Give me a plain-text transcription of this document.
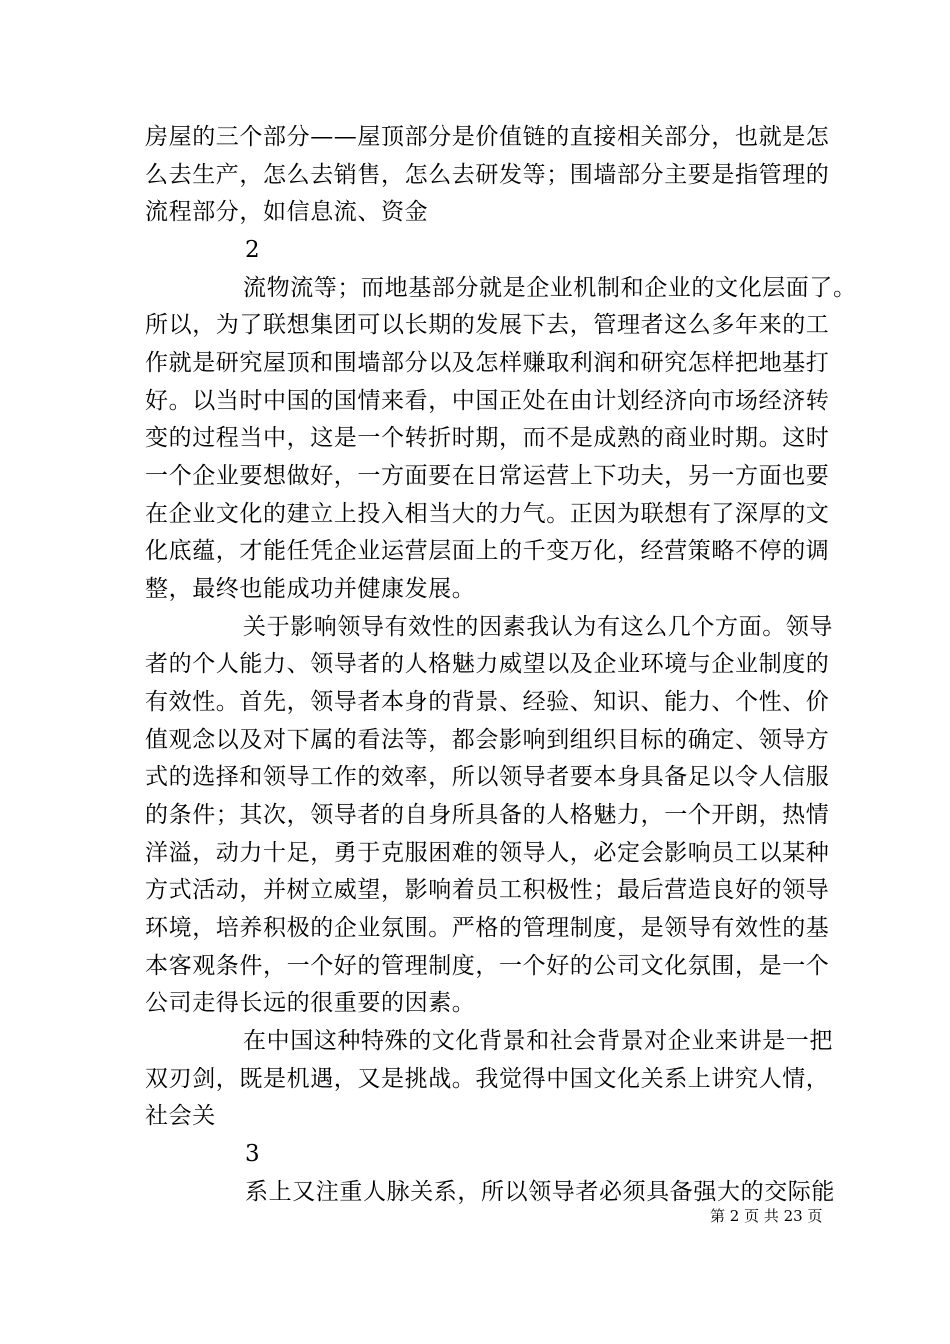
房屋的三个部分——屋顶部分是价值链的直接相关部分，也就是怎
么去生产，怎么去销售，怎么去研发等；围墙部分主要是指管理的
流程部分，如信息流、资金
2
流物流等；而地基部分就是企业机制和企业的文化层面了。
所以，为了联想集团可以长期的发展下去，管理者这么多年来的工
作就是研究屋顶和围墙部分以及怎样赚取利润和研究怎样把地基打
好。以当时中国的国情来看，中国正处在由计划经济向市场经济转
变的过程当中，这是一个转折时期，而不是成熟的商业时期。这时
一个企业要想做好，一方面要在日常运营上下功夫，另一方面也要
在企业文化的建立上投入相当大的力气。正因为联想有了深厚的文
化底蕴，才能任凭企业运营层面上的千变万化，经营策略不停的调
整，最终也能成功并健康发展。
关于影响领导有效性的因素我认为有这么几个方面。领导
者的个人能力、领导者的人格魅力威望以及企业环境与企业制度的
有效性。首先，领导者本身的背景、经验、知识、能力、个性、价
值观念以及对下属的看法等，都会影响到组织目标的确定、领导方
式的选择和领导工作的效率，所以领导者要本身具备足以令人信服
的条件；其次，领导者的自身所具备的人格魅力，一个开朗，热情
洋溢，动力十足，勇于克服困难的领导人，必定会影响员工以某种
方式活动，并树立威望，影响着员工积极性；最后营造良好的领导
环境，培养积极的企业氛围。严格的管理制度，是领导有效性的基
本客观条件，一个好的管理制度，一个好的公司文化氛围，是一个
公司走得长远的很重要的因素。
在中国这种特殊的文化背景和社会背景对企业来讲是一把
双刃剑，既是机遇，又是挑战。我觉得中国文化关系上讲究人情，
社会关
3
系上又注重人脉关系，所以领导者必须具备强大的交际能
第 2 页 共 23 页
